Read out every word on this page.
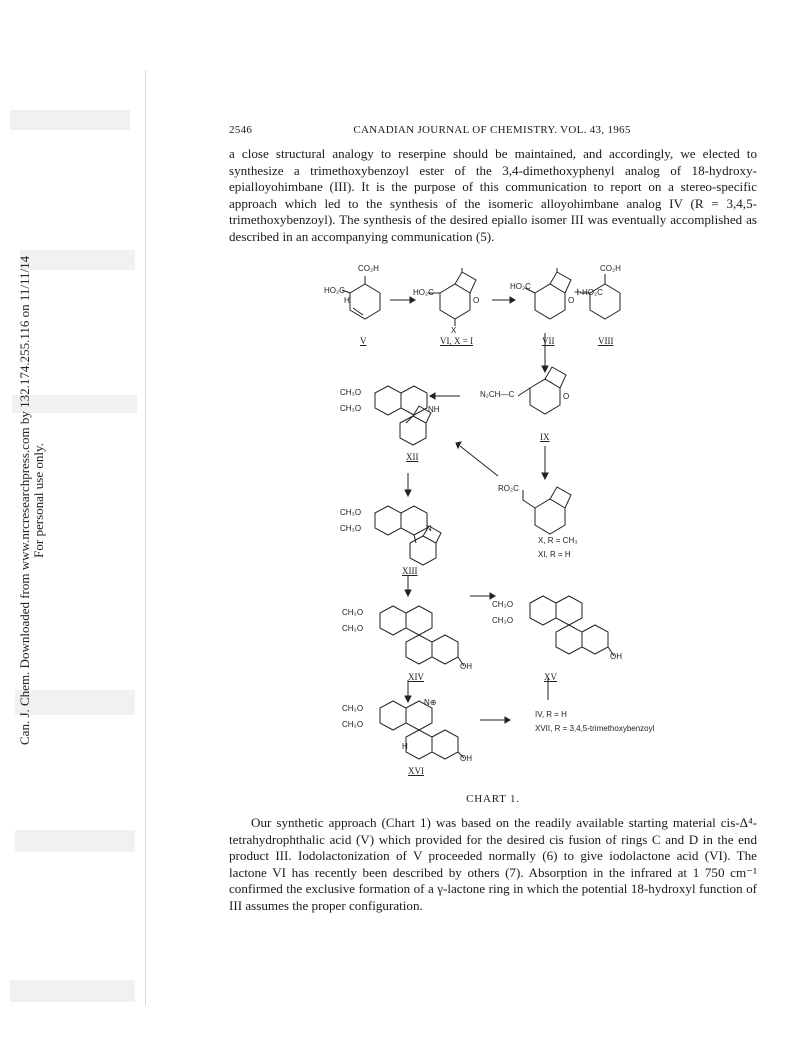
Can. J. Chem. Downloaded from www.nrcresearchpress.com by 132.174.255.116 on 11/11/14 For personal use only.
2546	CANADIAN JOURNAL OF CHEMISTRY. VOL. 43, 1965
a close structural analogy to reserpine should be maintained, and accordingly, we elected to synthesize a trimethoxybenzoyl ester of the 3,4-dimethoxyphenyl analog of 18-hydroxy-epialloyohimbane (III). It is the purpose of this communication to report on a stereo-specific approach which led to the synthesis of the isomeric alloyohimbane analog IV (R = 3,4,5-trimethoxybenzoyl). The synthesis of the desired epiallo isomer III was eventually accomplished as described in an accompanying communication (5).
CO₂H
HO₂C
H
HO₂C
X
O
HO₂C
O
+ HO₂C
CO₂H
N₂CH—C	O
RO₂C
CH₃O
CH₃O	NH
CH₃O
CH₃O	N
CH₃O
CH₃O
OH
CH₃O
CH₃O
OH
CH₃O
CH₃O
N⊕
OH
H
V	VI, X = I	VII	VIII
IX
XII
XIII
XIV	XV
XVI
X, R = CH₃
XI, R = H
IV, R = H
XVII, R = 3,4,5-trimethoxybenzoyl
CHART 1.
Our synthetic approach (Chart 1) was based on the readily available starting material cis-Δ⁴-tetrahydrophthalic acid (V) which provided for the desired cis fusion of rings C and D in the end product III. Iodolactonization of V proceeded normally (6) to give iodolactone acid (VI). The lactone VI has recently been described by others (7). Absorption in the infrared at 1 750 cm⁻¹ confirmed the exclusive formation of a γ-lactone ring in which the potential 18-hydroxyl function of III assumes the proper configuration.
